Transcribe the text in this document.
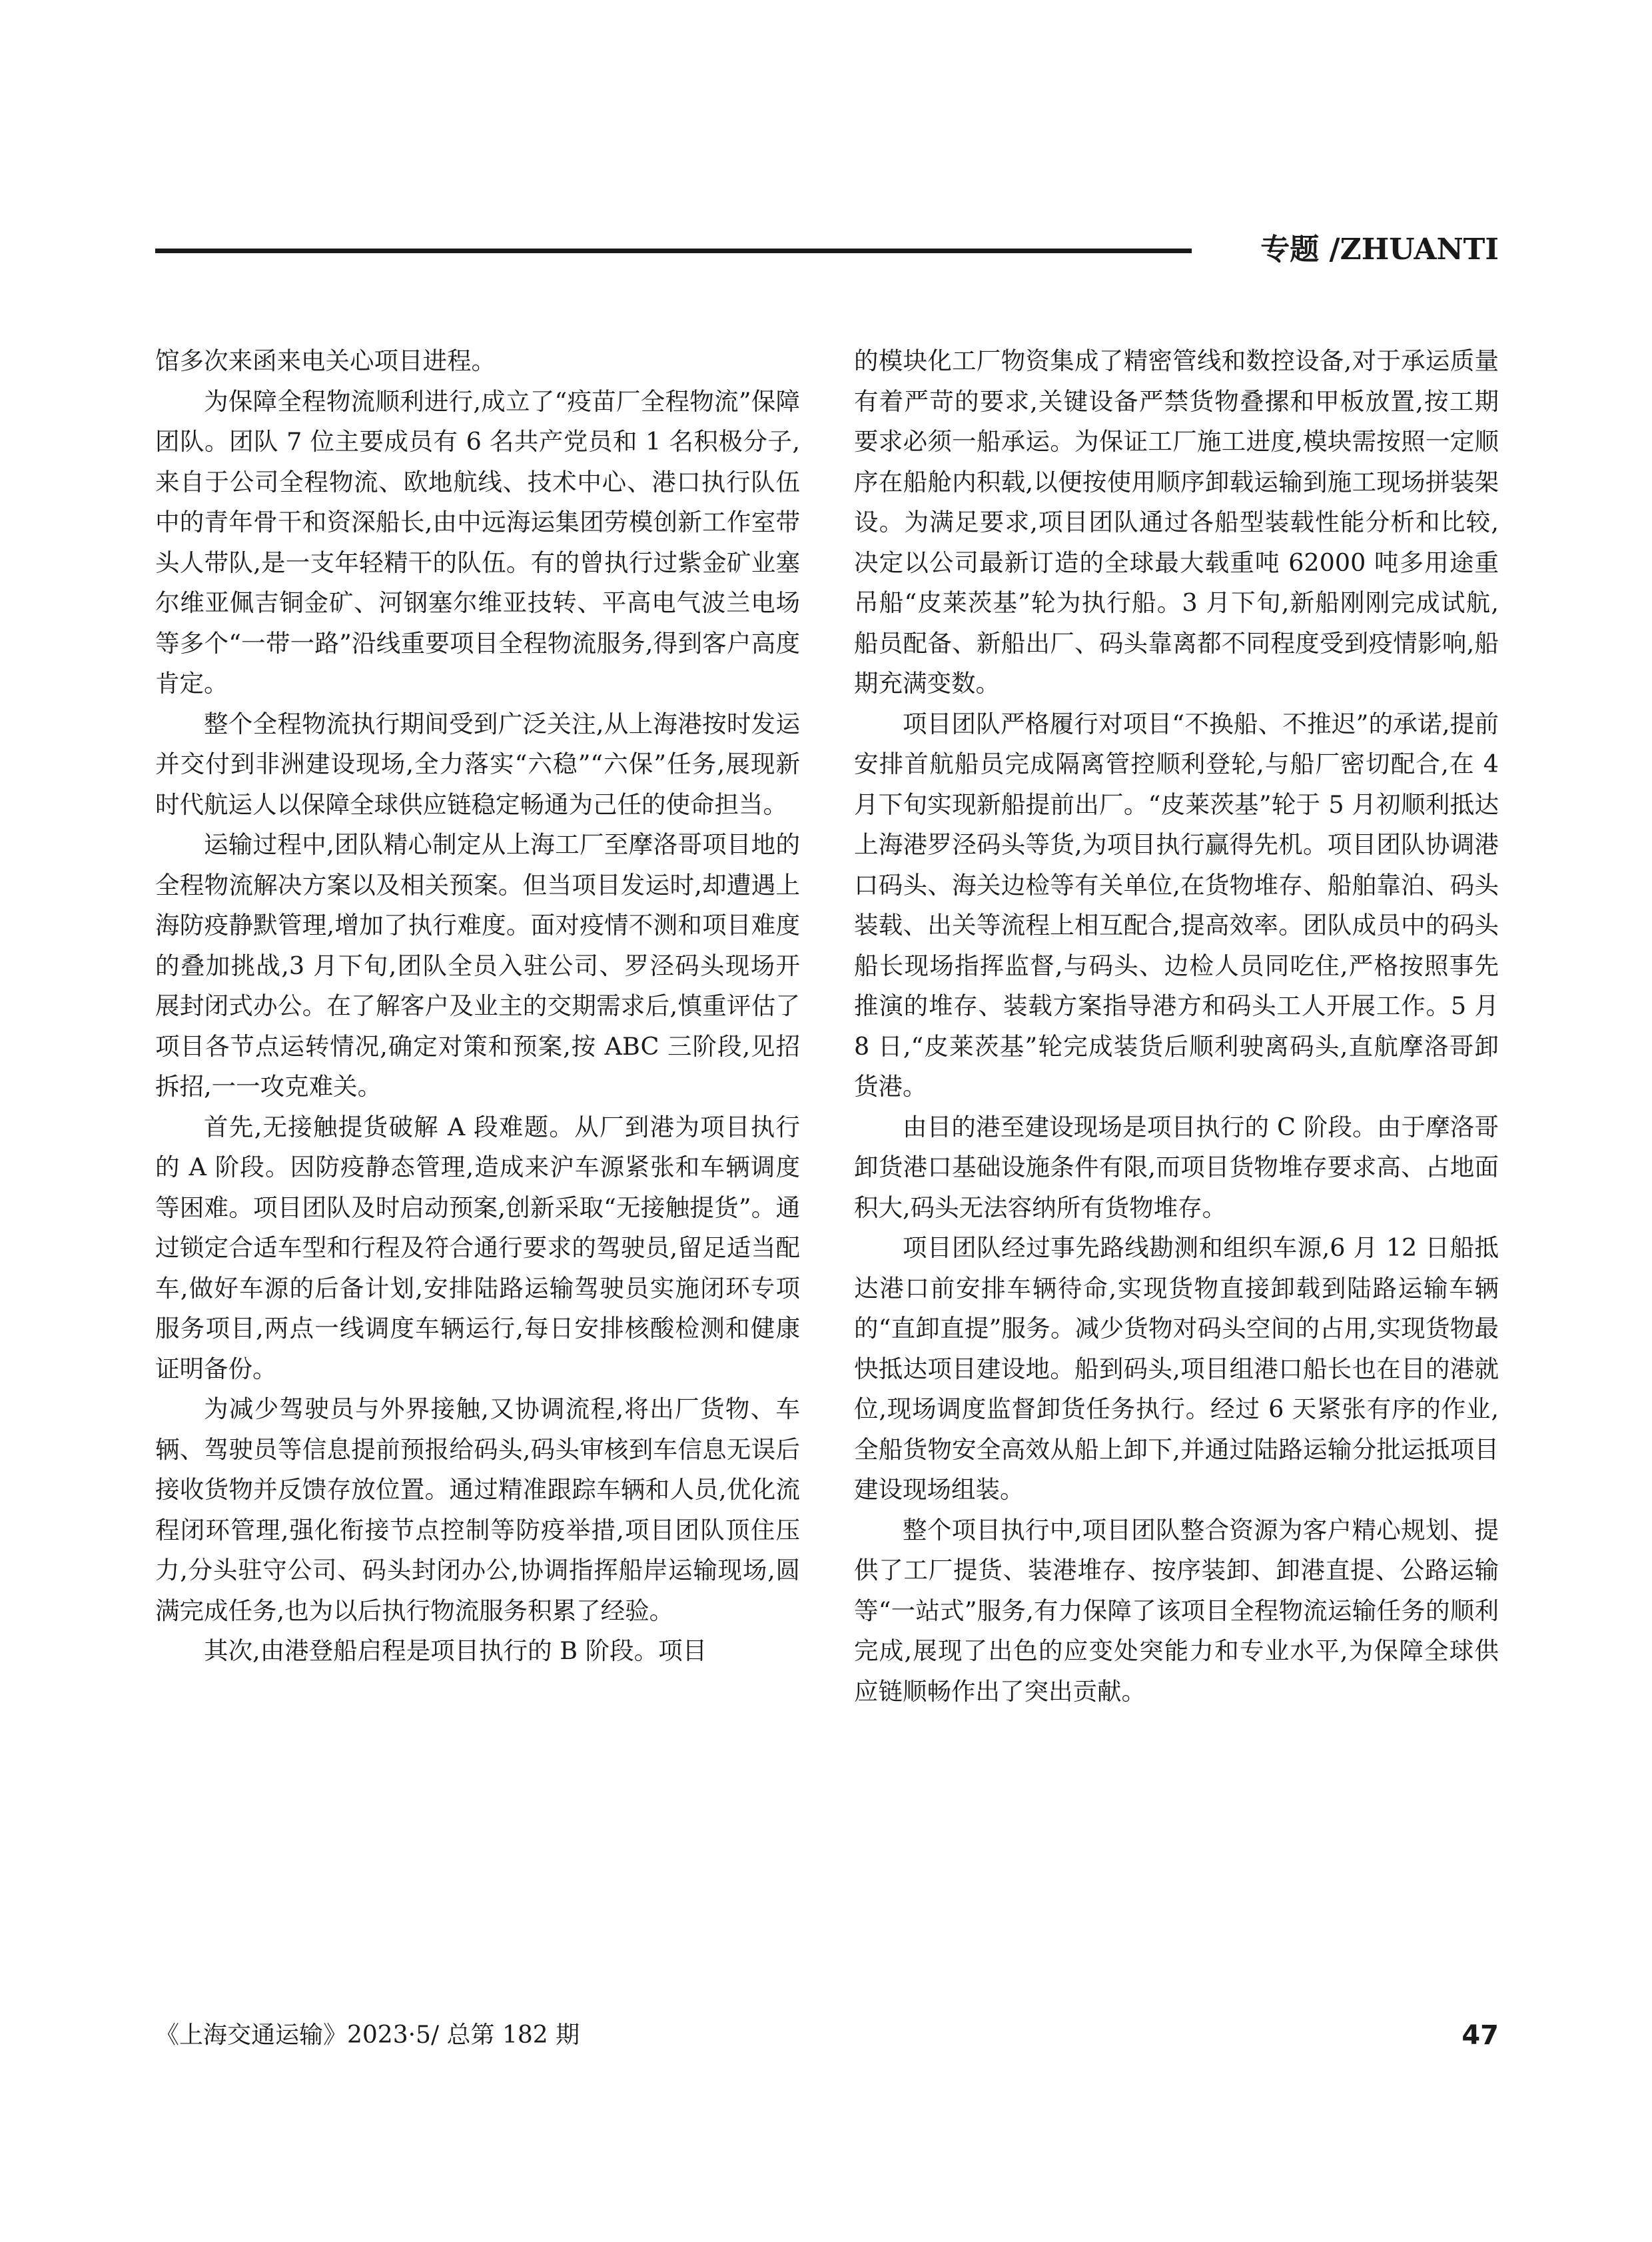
专题 /ZHUANTI

馆多次来函来电关心项目进程。

为保障全程物流顺利进行,成立了“疫苗厂全程物流”保障团队。团队 7 位主要成员有 6 名共产党员和 1 名积极分子,来自于公司全程物流、欧地航线、技术中心、港口执行队伍中的青年骨干和资深船长,由中远海运集团劳模创新工作室带头人带队,是一支年轻精干的队伍。有的曾执行过紫金矿业塞尔维亚佩吉铜金矿、河钢塞尔维亚技转、平高电气波兰电场等多个“一带一路”沿线重要项目全程物流服务,得到客户高度肯定。

整个全程物流执行期间受到广泛关注,从上海港按时发运并交付到非洲建设现场,全力落实“六稳”“六保”任务,展现新时代航运人以保障全球供应链稳定畅通为己任的使命担当。

运输过程中,团队精心制定从上海工厂至摩洛哥项目地的全程物流解决方案以及相关预案。但当项目发运时,却遭遇上海防疫静默管理,增加了执行难度。面对疫情不测和项目难度的叠加挑战,3 月下旬,团队全员入驻公司、罗泾码头现场开展封闭式办公。在了解客户及业主的交期需求后,慎重评估了项目各节点运转情况,确定对策和预案,按 ABC 三阶段,见招拆招,一一攻克难关。

首先,无接触提货破解 A 段难题。从厂到港为项目执行的 A 阶段。因防疫静态管理,造成来沪车源紧张和车辆调度等困难。项目团队及时启动预案,创新采取“无接触提货”。通过锁定合适车型和行程及符合通行要求的驾驶员,留足适当配车,做好车源的后备计划,安排陆路运输驾驶员实施闭环专项服务项目,两点一线调度车辆运行,每日安排核酸检测和健康证明备份。

为减少驾驶员与外界接触,又协调流程,将出厂货物、车辆、驾驶员等信息提前预报给码头,码头审核到车信息无误后接收货物并反馈存放位置。通过精准跟踪车辆和人员,优化流程闭环管理,强化衔接节点控制等防疫举措,项目团队顶住压力,分头驻守公司、码头封闭办公,协调指挥船岸运输现场,圆满完成任务,也为以后执行物流服务积累了经验。

其次,由港登船启程是项目执行的 B 阶段。项目

的模块化工厂物资集成了精密管线和数控设备,对于承运质量有着严苛的要求,关键设备严禁货物叠摞和甲板放置,按工期要求必须一船承运。为保证工厂施工进度,模块需按照一定顺序在船舱内积载,以便按使用顺序卸载运输到施工现场拼装架设。为满足要求,项目团队通过各船型装载性能分析和比较,决定以公司最新订造的全球最大载重吨 62000 吨多用途重吊船“皮莱茨基”轮为执行船。3 月下旬,新船刚刚完成试航,船员配备、新船出厂、码头靠离都不同程度受到疫情影响,船期充满变数。

项目团队严格履行对项目“不换船、不推迟”的承诺,提前安排首航船员完成隔离管控顺利登轮,与船厂密切配合,在 4 月下旬实现新船提前出厂。“皮莱茨基”轮于 5 月初顺利抵达上海港罗泾码头等货,为项目执行赢得先机。项目团队协调港口码头、海关边检等有关单位,在货物堆存、船舶靠泊、码头装载、出关等流程上相互配合,提高效率。团队成员中的码头船长现场指挥监督,与码头、边检人员同吃住,严格按照事先推演的堆存、装载方案指导港方和码头工人开展工作。5 月 8 日,“皮莱茨基”轮完成装货后顺利驶离码头,直航摩洛哥卸货港。

由目的港至建设现场是项目执行的 C 阶段。由于摩洛哥卸货港口基础设施条件有限,而项目货物堆存要求高、占地面积大,码头无法容纳所有货物堆存。

项目团队经过事先路线勘测和组织车源,6 月 12 日船抵达港口前安排车辆待命,实现货物直接卸载到陆路运输车辆的“直卸直提”服务。减少货物对码头空间的占用,实现货物最快抵达项目建设地。船到码头,项目组港口船长也在目的港就位,现场调度监督卸货任务执行。经过 6 天紧张有序的作业,全船货物安全高效从船上卸下,并通过陆路运输分批运抵项目建设现场组装。

整个项目执行中,项目团队整合资源为客户精心规划、提供了工厂提货、装港堆存、按序装卸、卸港直提、公路运输等“一站式”服务,有力保障了该项目全程物流运输任务的顺利完成,展现了出色的应变处突能力和专业水平,为保障全球供应链顺畅作出了突出贡献。

《上海交通运输》2023·5/ 总第 182 期	47
